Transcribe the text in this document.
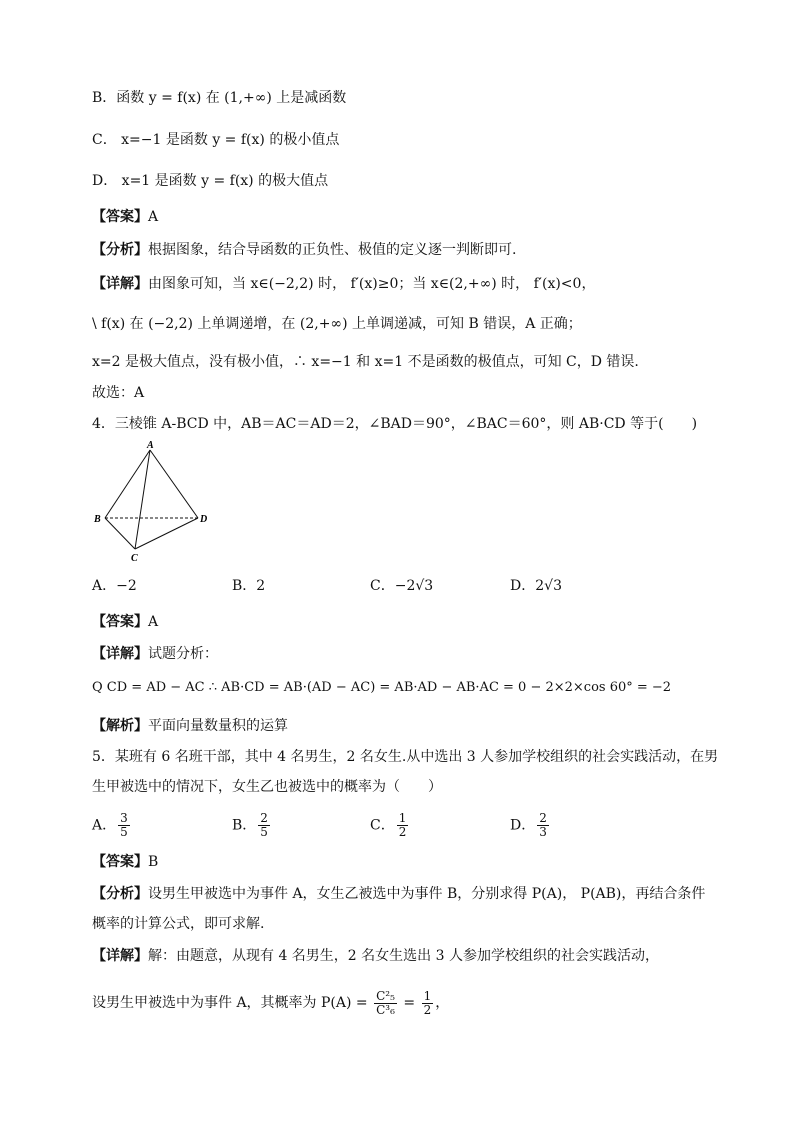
B．函数 y = f(x) 在 (1,+∞) 上是减函数
C． x=−1 是函数 y = f(x) 的极小值点
D． x=1 是函数 y = f(x) 的极大值点
【答案】A
【分析】根据图象，结合导函数的正负性、极值的定义逐一判断即可.
【详解】由图象可知，当 x∈(−2,2) 时， f′(x)≥0；当 x∈(2,+∞) 时， f′(x)<0，
\ f(x) 在 (−2,2) 上单调递增，在 (2,+∞) 上单调递减，可知 B 错误，A 正确；
x=2 是极大值点，没有极小值，∴ x=−1 和 x=1 不是函数的极值点，可知 C，D 错误.
故选：A
4．三棱锥 A-BCD 中，AB＝AC＝AD＝2，∠BAD＝90°，∠BAC＝60°，则 AB·CD 等于(　　)
A
B
C
D
A．−2	B．2	C．−2√3	D．2√3
【答案】A
【详解】试题分析：
Q CD = AD − AC ∴ AB·CD = AB·(AD − AC) = AB·AD − AB·AC = 0 − 2×2×cos 60° = −2
【解析】平面向量数量积的运算
5．某班有 6 名班干部，其中 4 名男生，2 名女生.从中选出 3 人参加学校组织的社会实践活动，在男
生甲被选中的情况下，女生乙也被选中的概率为（　　）
A． $\frac{3}{5}$	B． $\frac{2}{5}$	C． $\frac{1}{2}$	D． $\frac{2}{3}$
【答案】B
【分析】设男生甲被选中为事件 A，女生乙被选中为事件 B，分别求得 P(A)， P(AB)，再结合条件
概率的计算公式，即可求解.
【详解】解：由题意，从现有 4 名男生，2 名女生选出 3 人参加学校组织的社会实践活动，
设男生甲被选中为事件 A，其概率为 $P(A) = \frac{\text{C²₅}}{\text{C³₆}} = \frac{1}{2}$ ，
